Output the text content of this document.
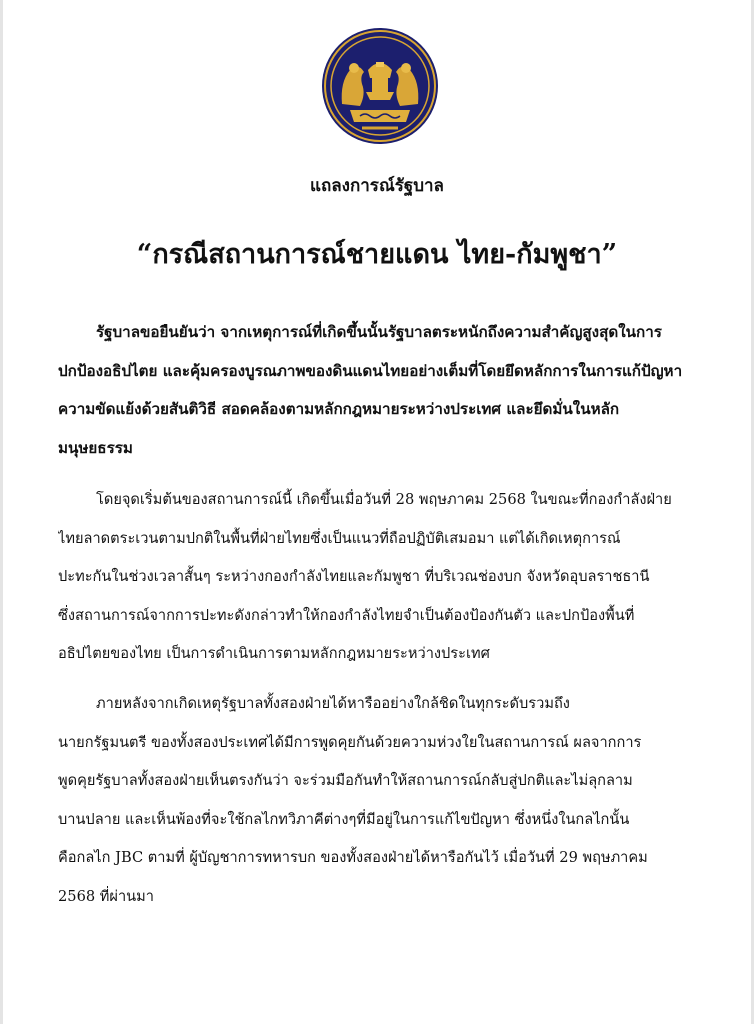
แถลงการณ์รัฐบาล
“กรณีสถานการณ์ชายแดน ไทย-กัมพูชา”
รัฐบาลขอยืนยันว่า จากเหตุการณ์ที่เกิดขึ้นนั้นรัฐบาลตระหนักถึงความสำคัญสูงสุดในการ
ปกป้องอธิปไตย และคุ้มครองบูรณภาพของดินแดนไทยอย่างเต็มที่โดยยึดหลักการในการแก้ปัญหา
ความขัดแย้งด้วยสันติวิธี สอดคล้องตามหลักกฎหมายระหว่างประเทศ และยึดมั่นในหลัก
มนุษยธรรม
โดยจุดเริ่มต้นของสถานการณ์นี้ เกิดขึ้นเมื่อวันที่ 28 พฤษภาคม 2568 ในขณะที่กองกำลังฝ่าย
ไทยลาดตระเวนตามปกติในพื้นที่ฝ่ายไทยซึ่งเป็นแนวที่ถือปฏิบัติเสมอมา แต่ได้เกิดเหตุการณ์
ปะทะกันในช่วงเวลาสั้นๆ ระหว่างกองกำลังไทยและกัมพูชา ที่บริเวณช่องบก จังหวัดอุบลราชธานี
ซึ่งสถานการณ์จากการปะทะดังกล่าวทำให้กองกำลังไทยจำเป็นต้องป้องกันตัว และปกป้องพื้นที่
อธิปไตยของไทย เป็นการดำเนินการตามหลักกฎหมายระหว่างประเทศ
ภายหลังจากเกิดเหตุรัฐบาลทั้งสองฝ่ายได้หารืออย่างใกล้ชิดในทุกระดับรวมถึง
นายกรัฐมนตรี ของทั้งสองประเทศได้มีการพูดคุยกันด้วยความห่วงใยในสถานการณ์ ผลจากการ
พูดคุยรัฐบาลทั้งสองฝ่ายเห็นตรงกันว่า จะร่วมมือกันทำให้สถานการณ์กลับสู่ปกติและไม่ลุกลาม
บานปลาย และเห็นพ้องที่จะใช้กลไกทวิภาคีต่างๆที่มีอยู่ในการแก้ไขปัญหา ซึ่งหนึ่งในกลไกนั้น
คือกลไก JBC ตามที่ ผู้บัญชาการทหารบก ของทั้งสองฝ่ายได้หารือกันไว้ เมื่อวันที่ 29 พฤษภาคม
2568 ที่ผ่านมา
